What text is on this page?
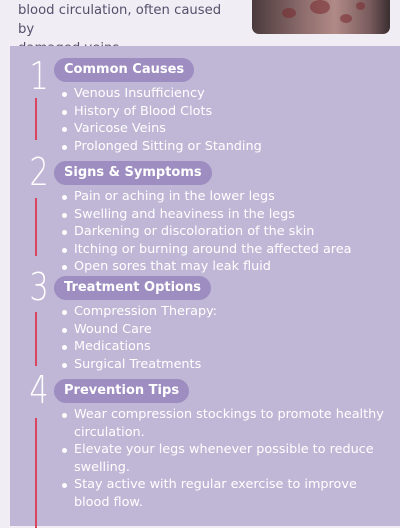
blood circulation, often caused by
1	Common Causes
Venous Insufficiency
History of Blood Clots
Varicose Veins
Prolonged Sitting or Standing
2	Signs & Symptoms
Pain or aching in the lower legs
Swelling and heaviness in the legs
Darkening or discoloration of the skin
Itching or burning around the affected area
Open sores that may leak fluid
3	Treatment Options
Compression Therapy:
Wound Care
Medications
Surgical Treatments
4	Prevention Tips
Wear compression stockings to promote healthy circulation.
Elevate your legs whenever possible to reduce swelling.
Stay active with regular exercise to improve blood flow.
